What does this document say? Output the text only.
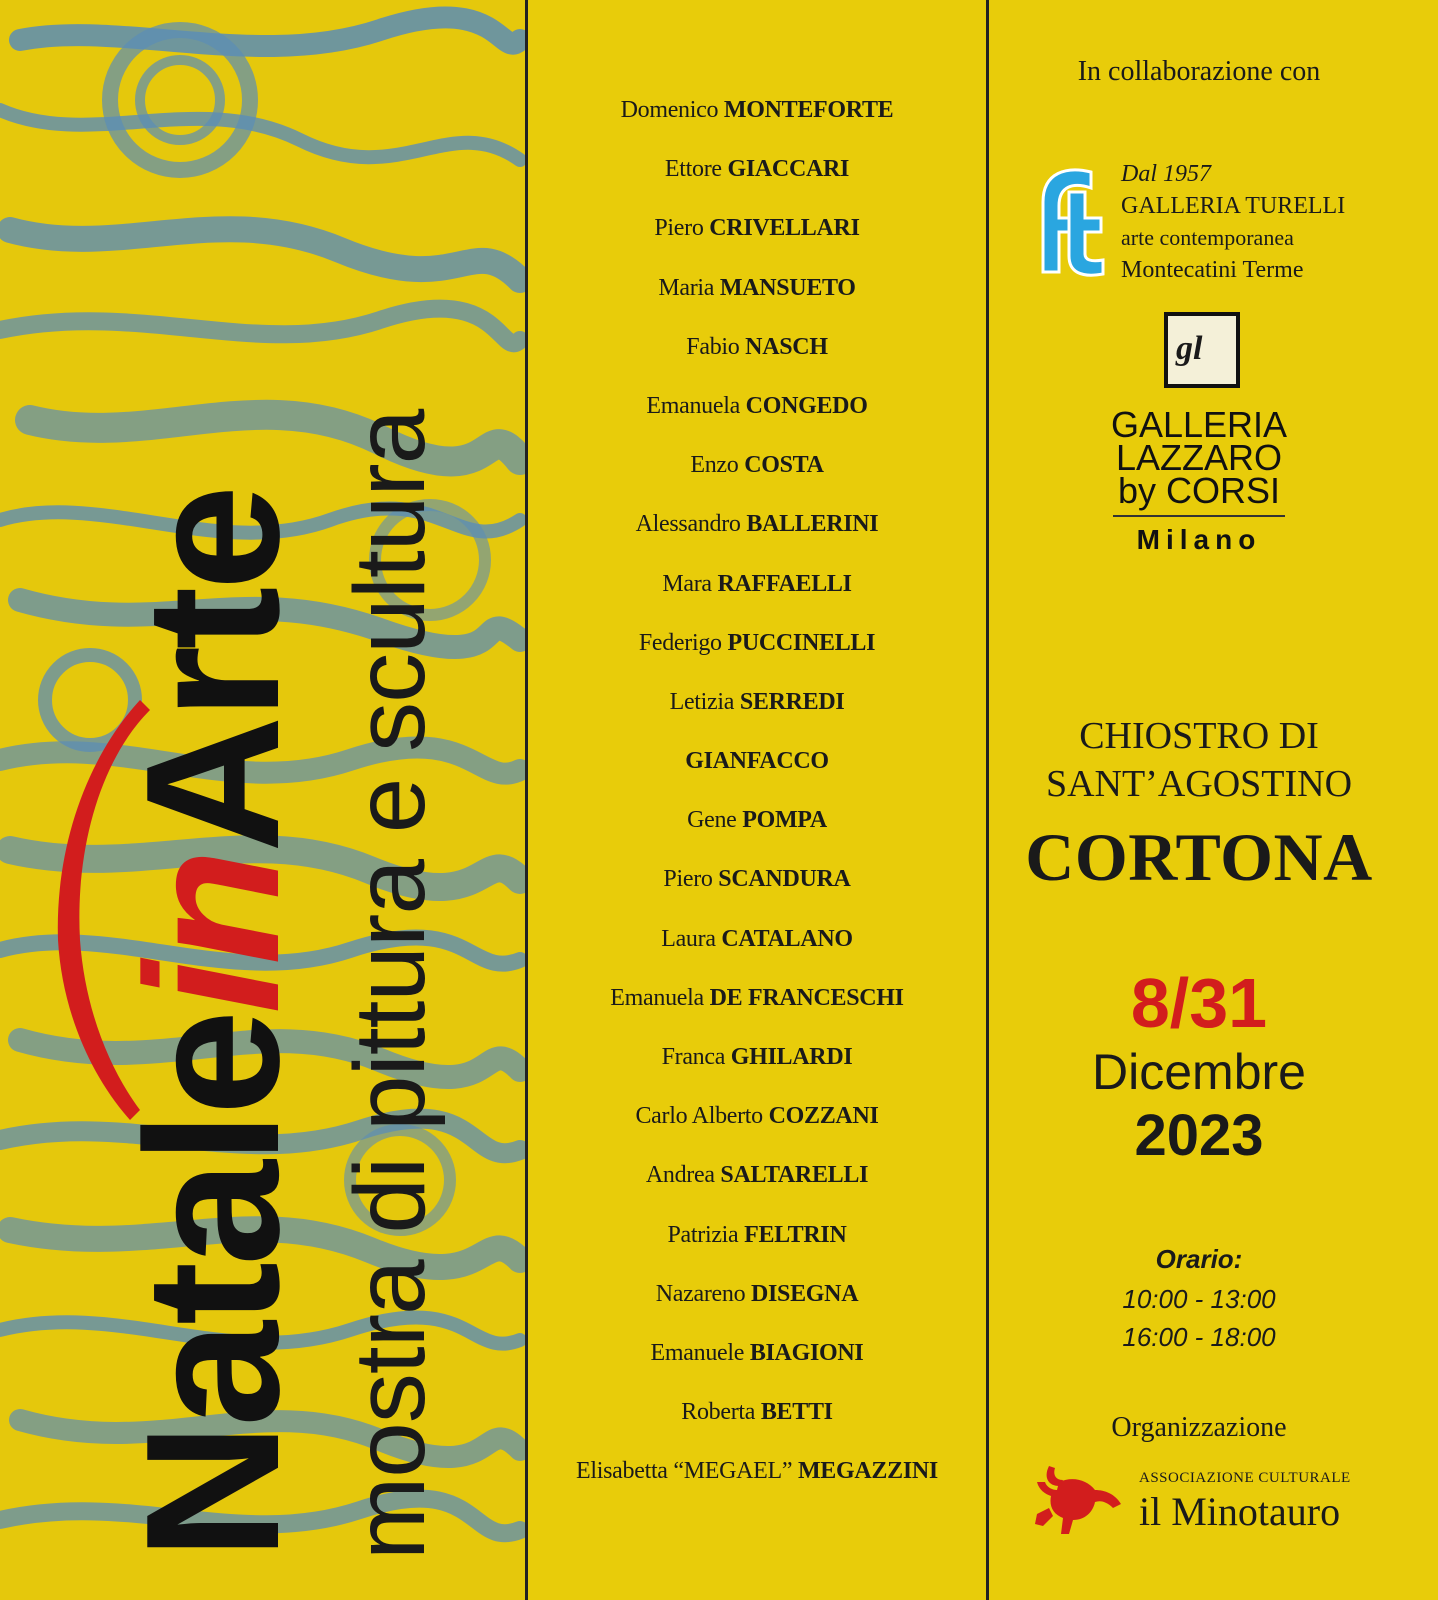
NataleinArte mostra di pittura e scultura
Domenico MONTEFORTE
Ettore GIACCARI
Piero CRIVELLARI
Maria MANSUETO
Fabio NASCH
Emanuela CONGEDO
Enzo COSTA
Alessandro BALLERINI
Mara RAFFAELLI
Federigo PUCCINELLI
Letizia SERREDI
GIANFACCO
Gene POMPA
Piero SCANDURA
Laura CATALANO
Emanuela DE FRANCESCHI
Franca GHILARDI
Carlo Alberto COZZANI
Andrea SALTARELLI
Patrizia FELTRIN
Nazareno DISEGNA
Emanuele BIAGIONI
Roberta BETTI
Elisabetta “MEGAEL” MEGAZZINI
In collaborazione con
Dal 1957
GALLERIA TURELLI
arte contemporanea
Montecatini Terme
gl
GALLERIA
LAZZARO
by CORSI
Milano
CHIOSTRO DI
SANT’AGOSTINO
CORTONA
8/31
Dicembre
2023
Orario:
10:00 - 13:00
16:00 - 18:00
Organizzazione
ASSOCIAZIONE CULTURALE
il Minotauro
